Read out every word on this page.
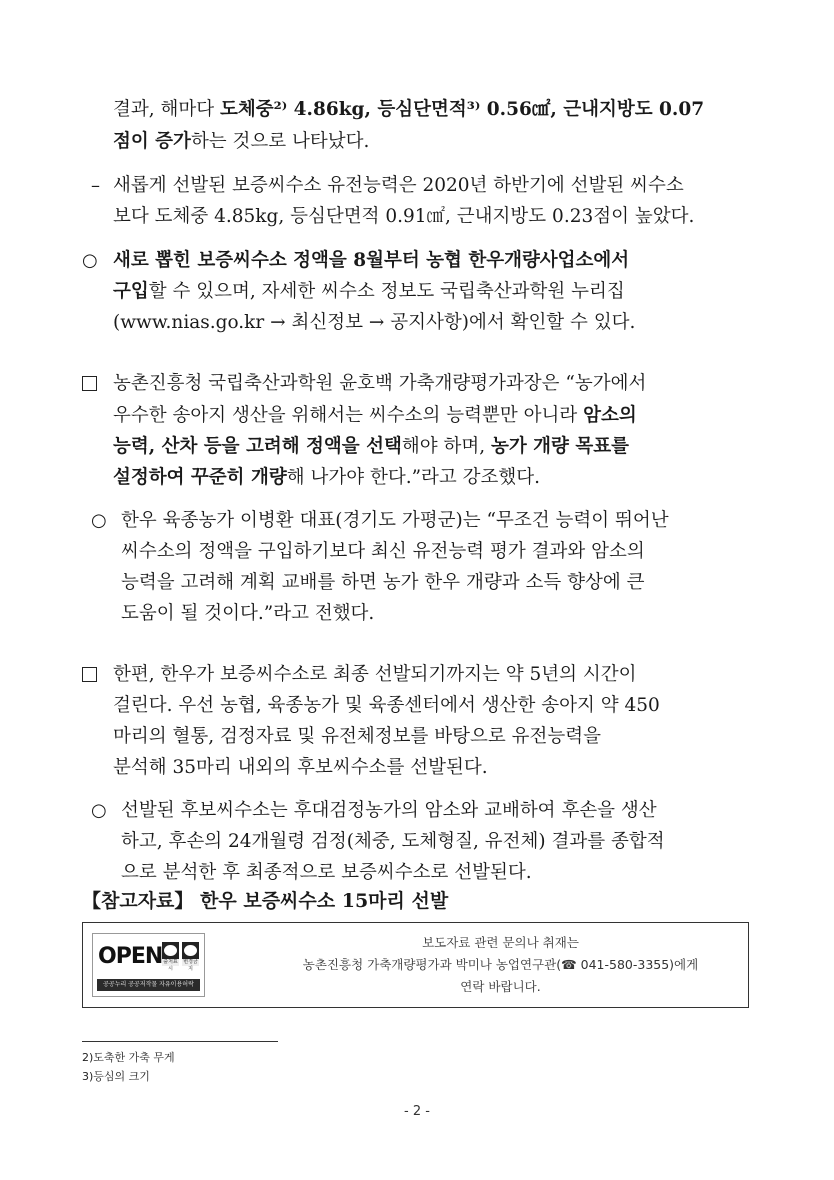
결과, 해마다 도체중²⁾ 4.86kg, 등심단면적³⁾ 0.56㎠, 근내지방도 0.07
점이 증가하는 것으로 나타났다.
– 새롭게 선발된 보증씨수소 유전능력은 2020년 하반기에 선발된 씨수소
보다 도체중 4.85kg, 등심단면적 0.91㎠, 근내지방도 0.23점이 높았다.
○ 새로 뽑힌 보증씨수소 정액을 8월부터 농협 한우개량사업소에서
구입할 수 있으며, 자세한 씨수소 정보도 국립축산과학원 누리집
(www.nias.go.kr → 최신정보 → 공지사항)에서 확인할 수 있다.
농촌진흥청 국립축산과학원 윤호백 가축개량평가과장은 “농가에서
우수한 송아지 생산을 위해서는 씨수소의 능력뿐만 아니라 암소의
능력, 산차 등을 고려해 정액을 선택해야 하며, 농가 개량 목표를
설정하여 꾸준히 개량해 나가야 한다.”라고 강조했다.
○ 한우 육종농가 이병환 대표(경기도 가평군)는 “무조건 능력이 뛰어난
씨수소의 정액을 구입하기보다 최신 유전능력 평가 결과와 암소의
능력을 고려해 계획 교배를 하면 농가 한우 개량과 소득 향상에 큰
도움이 될 것이다.”라고 전했다.
한편, 한우가 보증씨수소로 최종 선발되기까지는 약 5년의 시간이
걸린다. 우선 농협, 육종농가 및 육종센터에서 생산한 송아지 약 450
마리의 혈통, 검정자료 및 유전체정보를 바탕으로 유전능력을
분석해 35마리 내외의 후보씨수소를 선발된다.
○ 선발된 후보씨수소는 후대검정농가의 암소와 교배하여 후손을 생산
하고, 후손의 24개월령 검정(체중, 도체형질, 유전체) 결과를 종합적
으로 분석한 후 최종적으로 보증씨수소로 선발된다.
【참고자료】 한우 보증씨수소 15마리 선발
OPEN 출처표시
변경금지
공공누리 공공저작물 자유이용허락
보도자료 관련 문의나 취재는
농촌진흥청 가축개량평가과 박미나 농업연구관(☎ 041-580-3355)에게
연락 바랍니다.
2)도축한 가축 무게
3)등심의 크기
- 2 -
